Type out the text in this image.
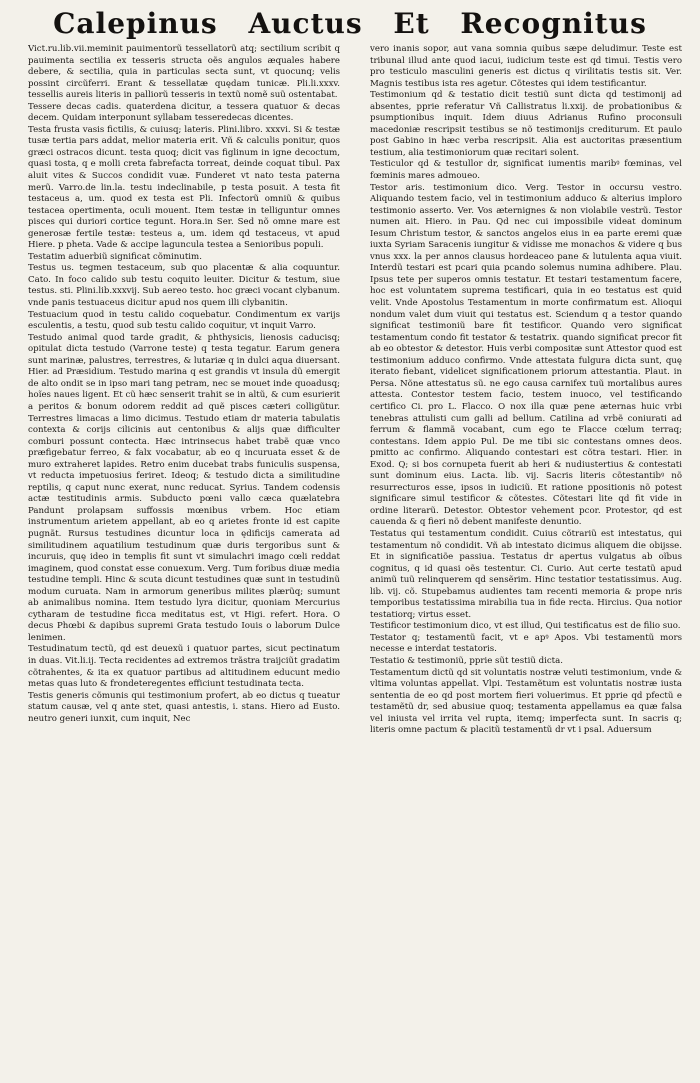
Calepinus Auctus Et Recognitus

Vict.ru.lib.vii.meminit pauimentorũ tessellatorũ atq; sectilium scribit q pauimenta sectilia ex tesseris structa oẽs angulos æquales habere debere, & sectilia, quia in particulas secta sunt, vt quocunq; velis possint circũferri. Erant & tessellatæ quędam tunicæ. Pli.li.xxxv. tessellis aureis literis in palliorũ tesseris in textũ nomẽ suũ ostentabat.

Tessere decas cadis. quaterdena dicitur, a tessera quatuor & decas decem. Quidam interponunt syllabam tesseredecas dicentes.

Testa frusta vasis fictilis, & cuiusq; lateris. Plini.libro. xxxvi. Si & testæ tusæ tertia pars addat, melior materia erit. Vñ & calculis ponitur, quos græci ostracos dicunt. testa quoq; dicit vas figlinum in igne decoctum, quasi tosta, q e molli creta fabrefacta torreat, deinde coquat tibul. Pax aluit vites & Succos condidit vuæ. Funderet vt nato testa paterna merũ. Varro.de lin.la. testu indeclinabile, p testa posuit. A testa fit testaceus a, um. quod ex testa est Pli. Infectorũ omniũ & quibus testacea opertimenta, oculi mouent. Item testæ in telliguntur omnes pisces qui duriori cortice tegunt. Hora.in Ser. Sed nõ omne mare est generosæ fertile testæ: testeus a, um. idem qd testaceus, vt apud Hiere. p pheta. Vade & accipe laguncula testea a Senioribus populi.

Testatim aduerbiũ significat cõminutim.

Testus us. tegmen testaceum, sub quo placentæ & alia coquuntur. Cato. In foco calido sub testu coquito leuiter. Dicitur & testum, siue testus. sti. Plini.lib.xxxvij. Sub aereo testo. hoc græci vocant clybanum. vnde panis testuaceus dicitur apud nos quem illi clybanitin.

Testuacium quod in testu calido coquebatur. Condimentum ex varijs esculentis, a testu, quod sub testu calido coquitur, vt inquit Varro.

Testudo animal quod tarde gradit, & phthysicis, lienosis caducisq; opitulat dicta testudo (Varrone teste) q testa tegatur. Earum genera sunt marinæ, palustres, terrestres, & lutariæ q in dulci aqua diuersant. Hier. ad Præsidium. Testudo marina q est grandis vt insula dũ emergit de alto ondit se in ipso mari tang petram, nec se mouet inde quoadusq; hoĩes naues ligent. Et cũ hæc senserit trahit se in altũ, & cum esurierit a peritos & bonum odorem reddit ad quẽ pisces cæteri colligũtur. Terrestres limacas a limo dicimus. Testudo etiam dr materia tabulatis contexta & corijs cilicinis aut centonibus & alijs quæ difficulter comburi possunt contecta. Hæc intrinsecus habet trabẽ quæ vnco præfigebatur ferreo, & falx vocabatur, ab eo q incuruata esset & de muro extraheret lapides. Retro enim ducebat trabs funiculis suspensa, vt reducta impetuosius feriret. Ideoq; & testudo dicta a similitudine reptilis, q caput nunc exerat, nunc reducat. Syrius. Tandem codensis actæ testitudinis armis. Subducto pœni vallo cæca quælatebra Pandunt prolapsam suffossis mœnibus vrbem. Hoc etiam instrumentum arietem appellant, ab eo q arietes fronte id est capite pugnãt. Rursus testudines dicuntur loca in ędificijs camerata ad similitudinem aquatilium testudinum quæ duris tergoribus sunt & incuruis, quę ideo in templis fit sunt vt simulachri imago cœli reddat imaginem, quod constat esse conuexum. Verg. Tum foribus diuæ media testudine templi. Hinc & scuta dicunt testudines quæ sunt in testudinũ modum curuata. Nam in armorum generibus milites plærũq; sumunt ab animalibus nomina. Item testudo lyra dicitur, quoniam Mercurius cytharam de testudine ficca meditatus est, vt Higi. refert. Hora. O decus Phœbi & dapibus supremi Grata testudo Iouis o laborum Dulce lenimen.

Testudinatum tectũ, qd est deuexũ i quatuor partes, sicut pectinatum in duas. Vit.li.ij. Tecta recidentes ad extremos trãstra traijciũt gradatim cõtrahentes, & ita ex quatuor partibus ad altitudinem educunt medio metas quas luto & frondeteregentes efficiunt testudinata tecta.

Testis generis cõmunis qui testimonium profert, ab eo dictus q tueatur statum causæ, vel q ante stet, quasi antestis, i. stans. Hiero ad Eusto. neutro generi iunxit, cum inquit, Nec

vero inanis sopor, aut vana somnia quibus sæpe deludimur. Teste est tribunal illud ante quod iacui, iudicium teste est qd timui. Testis vero pro testiculo masculini generis est dictus q virilitatis testis sit. Ver. Magnis testibus ista res agetur. Cõtestes qui idem testificantur.

Testimonium qd & testatio dicit testiũ sunt dicta qd testimonij ad absentes, pprie referatur Vñ Callistratus li.xxij. de probationibus & psumptionibus inquit. Idem diuus Adrianus Rufino proconsuli macedoniæ rescripsit testibus se nõ testimonijs crediturum. Et paulo post Gabino in hæc verba rescripsit. Alia est auctoritas præsentium testium, alia testimoniorum quæ recitari solent.

Testiculor qd & testullor dr, significat iumentis maribꝰ fœminas, vel fœminis mares admoueo.

Testor aris. testimonium dico. Verg. Testor in occursu vestro. Aliquando testem facio, vel in testimonium adduco & alterius imploro testimonio asserto. Ver. Vos æternignes & non violabile vestrũ. Testor numen ait. Hiero. in Pau. Qd nec cui impossibile videat dominum Iesum Christum testor, & sanctos angelos eius in ea parte eremi quæ iuxta Syriam Saracenis iungitur & vidisse me monachos & videre q bus vnus xxx. la per annos clausus hordeaceo pane & lutulenta aqua viuit. Interdũ testari est pcari quia pcando solemus numina adhibere. Plau. Ipsus tete per superos omnis testatur. Et testari testamentum facere, hoc est voluntatem suprema testificari, quia in eo testatus est quid velit. Vnde Apostolus Testamentum in morte confirmatum est. Alioqui nondum valet dum viuit qui testatus est. Sciendum q a testor quando significat testimoniũ bare fit testificor. Quando vero significat testamentum condo fit testator & testatrix. quando significat precor fit ab eo obtestor & detestor. Huis verbi compositæ sunt Attestor quod est testimonium adduco confirmo. Vnde attestata fulgura dicta sunt, quę iterato fiebant, videlicet significationem priorum attestantia. Plaut. in Persa. Nõne attestatus sũ. ne ego causa carnifex tuũ mortalibus aures attesta. Contestor testem facio, testem inuoco, vel testificando certifico Ci. pro L. Flacco. O nox illa quæ pene æternas huic vrbi tenebras attulisti cum galli ad bellum. Catilina ad vrbẽ coniurati ad ferrum & flammã vocabant, cum ego te Flacce cœlum terraq; contestans. Idem appio Pul. De me tibi sic contestans omnes deos. pmitto ac confirmo. Aliquando contestari est cõtra testari. Hier. in Exod. Q; si bos cornupeta fuerit ab heri & nudiustertius & contestati sunt dominum eius. Lacta. lib. vij. Sacris literis cõtestantibꝰ nõ resurrecturos esse, ipsos in iudiciũ. Et ratione ppositionis nõ potest significare simul testificor & cõtestes. Cõtestari lite qd fit vide in ordine literarũ. Detestor. Obtestor vehement pcor. Protestor, qd est cauenda & q fieri nõ debent manifeste denuntio.

Testatus qui testamentum condidit. Cuius cõtrariũ est intestatus, qui testamentum nõ condidit. Vñ ab intestato dicimus aliquem die obijsse. Et in significatiõe passiua. Testatus dr apertus vulgatus ab oĩbus cognitus, q id quasi oẽs testentur. Ci. Curio. Aut certe testatũ apud animũ tuũ relinquerem qd sensẽrim. Hinc testatior testatissimus. Aug. lib. vij. cõ. Stupebamus audientes tam recenti memoria & prope nris temporibus testatissima mirabilia tua in fide recta. Hircius. Qua notior testatiorq; virtus esset.

Testificor testimonium dico, vt est illud, Qui testificatus est de filio suo.

Testator q; testamentũ facit, vt e apꝰ Apos. Vbi testamentũ mors necesse e interdat testatoris.

Testatio & testimoniũ, pprie sũt testiũ dicta.

Testamentum dictũ qd sit voluntatis nostræ veluti testimonium, vnde & vltima voluntas appellat. Vlpi. Testamẽtum est voluntatis nostræ iusta sententia de eo qd post mortem fieri voluerimus. Et pprie qd pfectũ e testamẽtũ dr, sed abusiue quoq; testamenta appellamus ea quæ falsa vel iniusta vel irrita vel rupta, itemq; imperfecta sunt. In sacris q; literis omne pactum & placitũ testamentũ dr vt i psal. Aduersum
